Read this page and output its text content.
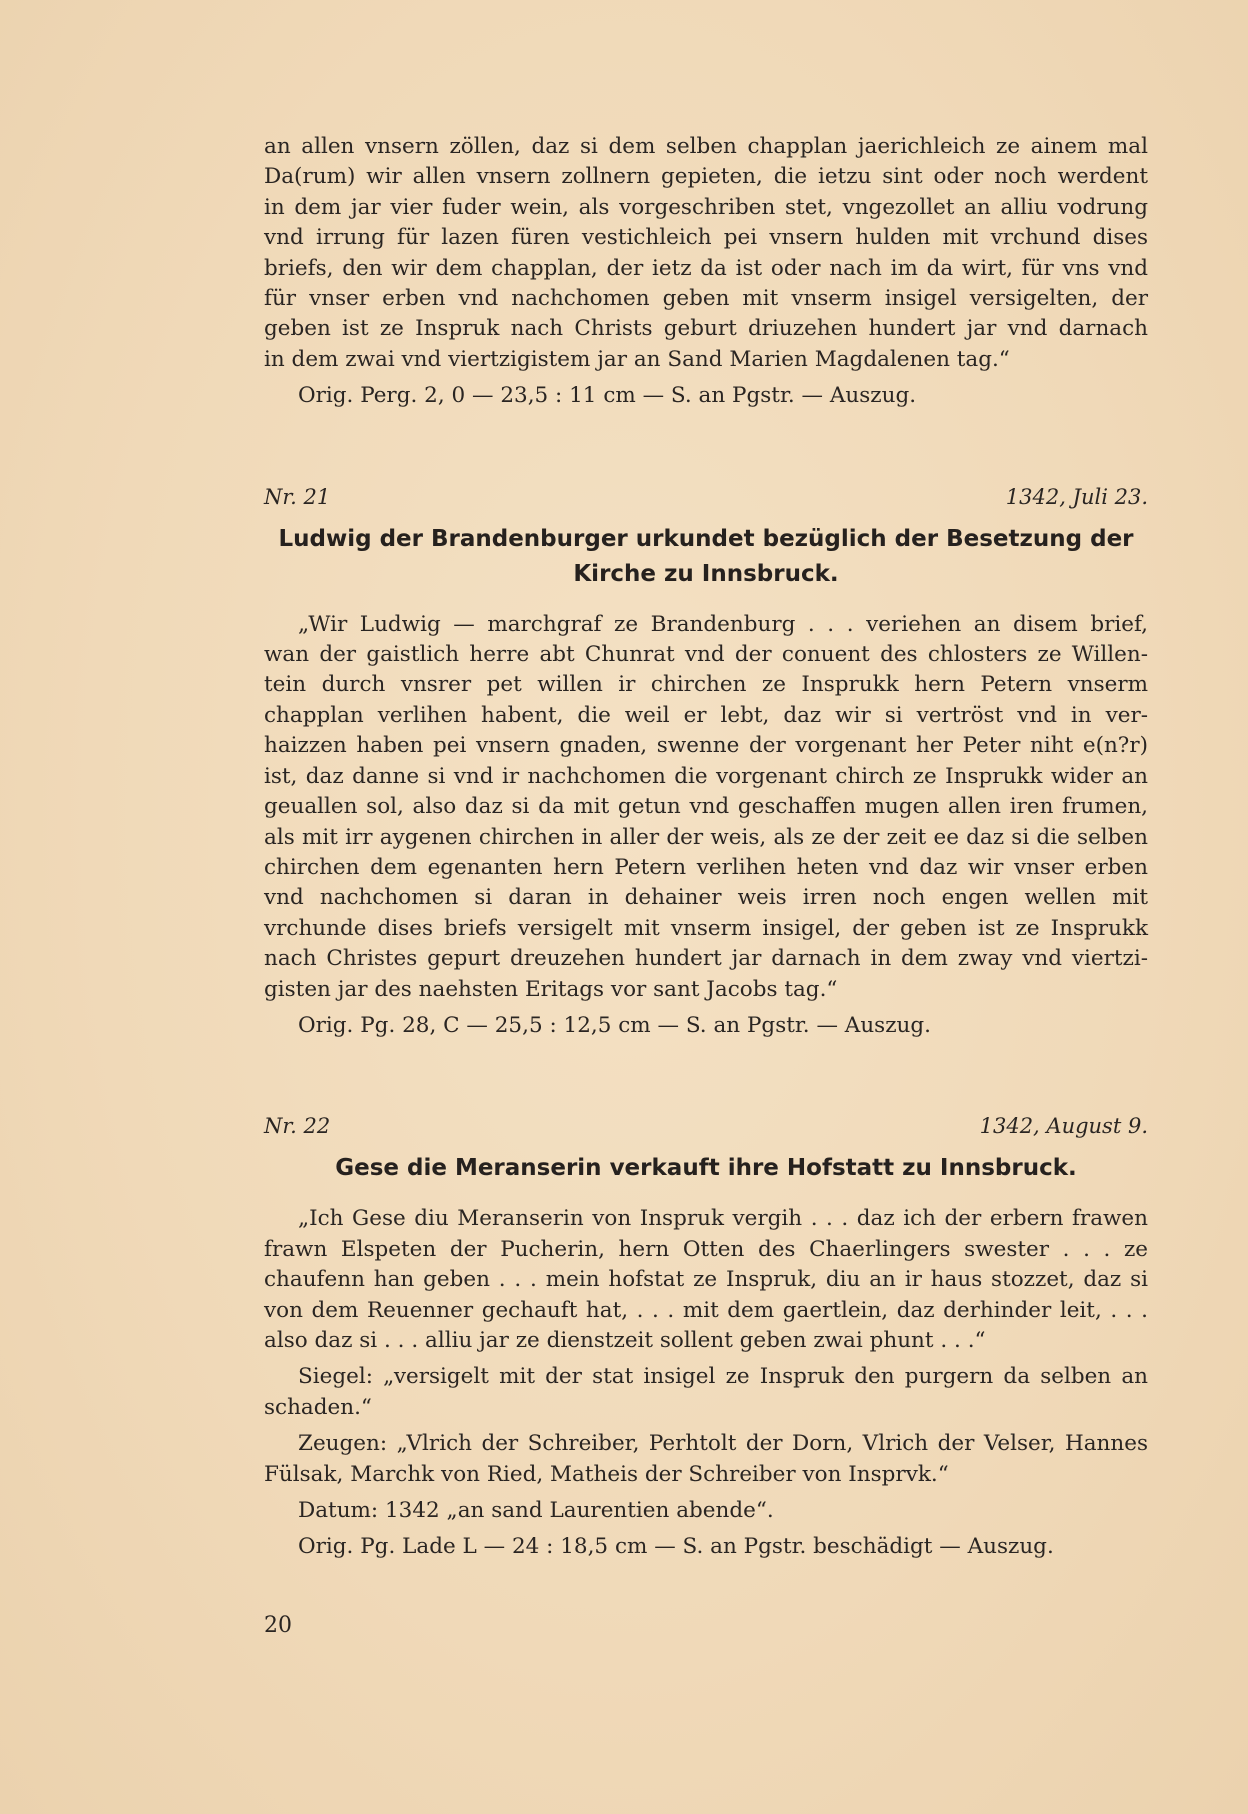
an allen vnsern zöllen, daz si dem selben chapplan jaerichleich ze ainem mal
Da(rum) wir allen vnsern zollnern gepieten, die ietzu sint oder noch werdent
in dem jar vier fuder wein, als vorgeschriben stet, vngezollet an alliu vodrung
vnd irrung für lazen füren vestichleich pei vnsern hulden mit vrchund dises
briefs, den wir dem chapplan, der ietz da ist oder nach im da wirt, für vns vnd
für vnser erben vnd nachchomen geben mit vnserm insigel versigelten, der
geben ist ze Inspruk nach Christs geburt driuzehen hundert jar vnd darnach
in dem zwai vnd viertzigistem jar an Sand Marien Magdalenen tag.“

Orig. Perg. 2, 0 — 23,5 : 11 cm — S. an Pgstr. — Auszug.

Nr. 21	1342, Juli 23.

Ludwig der Brandenburger urkundet bezüglich der Besetzung der

Kirche zu Innsbruck.

„Wir Ludwig — marchgraf ze Brandenburg . . . veriehen an disem brief,
wan der gaistlich herre abt Chunrat vnd der conuent des chlosters ze Willen-
tein durch vnsrer pet willen ir chirchen ze Insprukk hern Petern vnserm
chapplan verlihen habent, die weil er lebt, daz wir si vertröst vnd in ver-
haizzen haben pei vnsern gnaden, swenne der vorgenant her Peter niht e(n?r)
ist, daz danne si vnd ir nachchomen die vorgenant chirch ze Insprukk wider an
geuallen sol, also daz si da mit getun vnd geschaffen mugen allen iren frumen,
als mit irr aygenen chirchen in aller der weis, als ze der zeit ee daz si die selben
chirchen dem egenanten hern Petern verlihen heten vnd daz wir vnser erben
vnd nachchomen si daran in dehainer weis irren noch engen wellen mit
vrchunde dises briefs versigelt mit vnserm insigel, der geben ist ze Insprukk
nach Christes gepurt dreuzehen hundert jar darnach in dem zway vnd viertzi-
gisten jar des naehsten Eritags vor sant Jacobs tag.“

Orig. Pg. 28, C — 25,5 : 12,5 cm — S. an Pgstr. — Auszug.

Nr. 22	1342, August 9.

Gese die Meranserin verkauft ihre Hofstatt zu Innsbruck.

„Ich Gese diu Meranserin von Inspruk vergih . . . daz ich der erbern frawen
frawn Elspeten der Pucherin, hern Otten des Chaerlingers swester . . . ze
chaufenn han geben . . . mein hofstat ze Inspruk, diu an ir haus stozzet, daz si
von dem Reuenner gechauft hat, . . . mit dem gaertlein, daz derhinder leit, . . .
also daz si . . . alliu jar ze dienstzeit sollent geben zwai phunt . . .“
Siegel: „versigelt mit der stat insigel ze Inspruk den purgern da selben an
schaden.“
Zeugen: „Vlrich der Schreiber, Perhtolt der Dorn, Vlrich der Velser, Hannes
Fülsak, Marchk von Ried, Matheis der Schreiber von Insprvk.“

Datum: 1342 „an sand Laurentien abende“.

Orig. Pg. Lade L — 24 : 18,5 cm — S. an Pgstr. beschädigt — Auszug.

20
